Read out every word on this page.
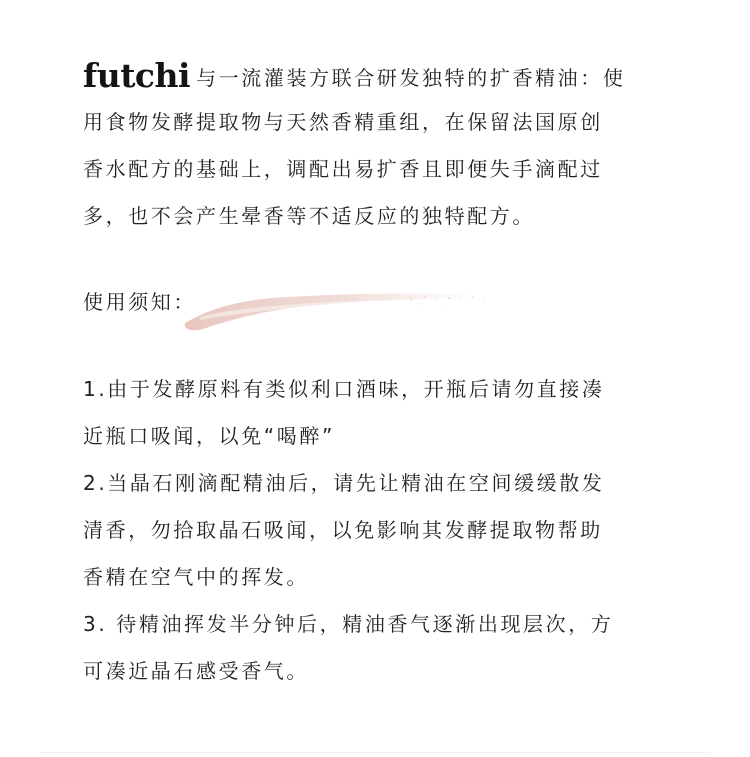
futchi 与一流灌装方联合研发独特的扩香精油：使
用食物发酵提取物与天然香精重组，在保留法国原创
香水配方的基础上，调配出易扩香且即便失手滴配过
多，也不会产生晕香等不适反应的独特配方。
使用须知：
1.由于发酵原料有类似利口酒味，开瓶后请勿直接凑
近瓶口吸闻，以免“喝醉”
2.当晶石刚滴配精油后，请先让精油在空间缓缓散发
清香，勿拾取晶石吸闻，以免影响其发酵提取物帮助
香精在空气中的挥发。
3. 待精油挥发半分钟后，精油香气逐渐出现层次，方
可凑近晶石感受香气。
